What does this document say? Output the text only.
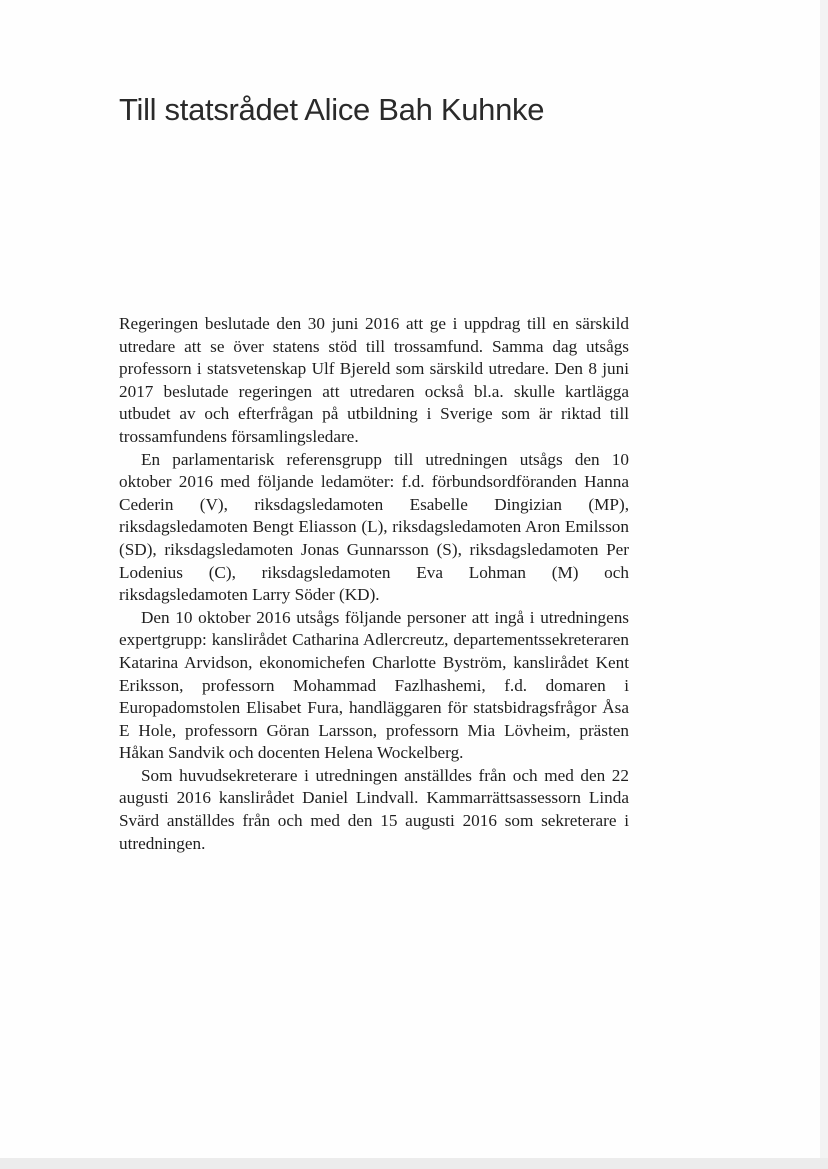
Till statsrådet Alice Bah Kuhnke

Regeringen beslutade den 30 juni 2016 att ge i uppdrag till en särskild utredare att se över statens stöd till trossamfund. Samma dag utsågs professorn i statsvetenskap Ulf Bjereld som särskild utredare. Den 8 juni 2017 beslutade regeringen att utredaren också bl.a. skulle kartlägga utbudet av och efterfrågan på utbildning i Sverige som är riktad till trossamfundens församlingsledare.

En parlamentarisk referensgrupp till utredningen utsågs den 10 oktober 2016 med följande ledamöter: f.d. förbundsordföranden Hanna Cederin (V), riksdagsledamoten Esabelle Dingizian (MP), riksdagsledamoten Bengt Eliasson (L), riksdagsledamoten Aron Emilsson (SD), riksdagsledamoten Jonas Gunnarsson (S), riksdagsledamoten Per Lodenius (C), riksdagsledamoten Eva Lohman (M) och riksdagsledamoten Larry Söder (KD).

Den 10 oktober 2016 utsågs följande personer att ingå i utredningens expertgrupp: kanslirådet Catharina Adlercreutz, departementssekreteraren Katarina Arvidson, ekonomichefen Charlotte Byström, kanslirådet Kent Eriksson, professorn Mohammad Fazlhashemi, f.d. domaren i Europadomstolen Elisabet Fura, handläggaren för statsbidragsfrågor Åsa E Hole, professorn Göran Larsson, professorn Mia Lövheim, prästen Håkan Sandvik och docenten Helena Wockelberg.

Som huvudsekreterare i utredningen anställdes från och med den 22 augusti 2016 kanslirådet Daniel Lindvall. Kammarrättsassessorn Linda Svärd anställdes från och med den 15 augusti 2016 som sekreterare i utredningen.
